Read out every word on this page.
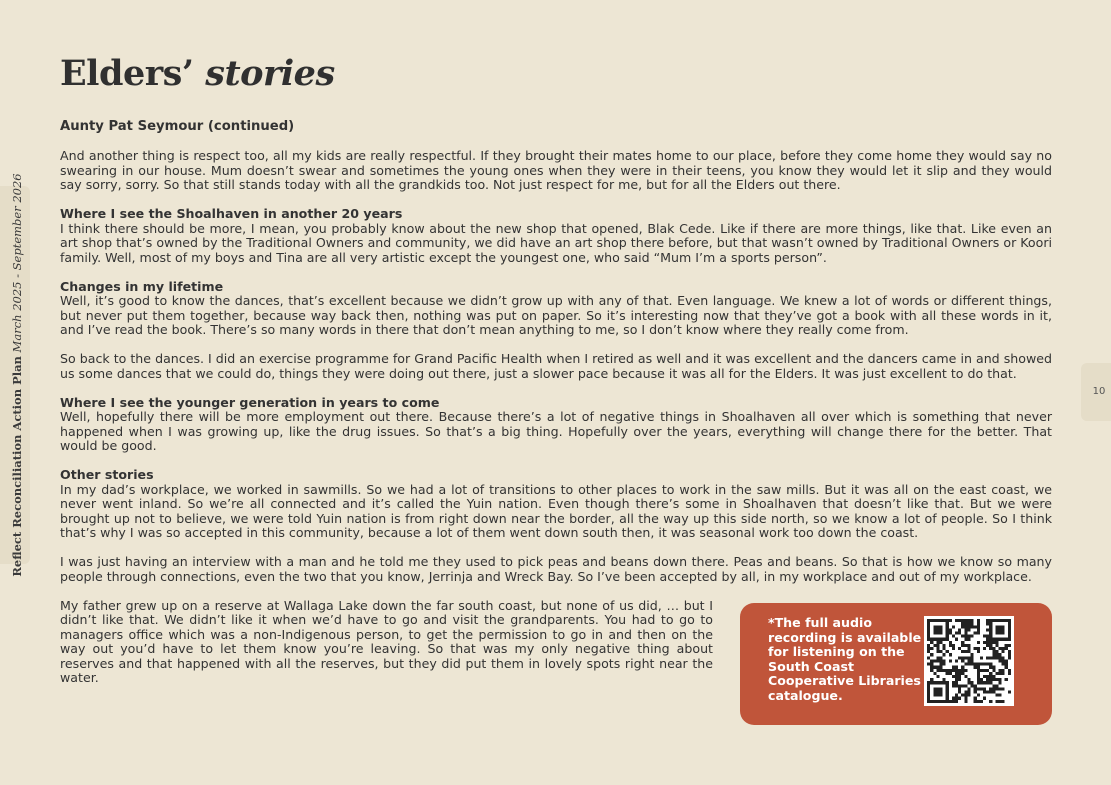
Reflect Reconciliation Action Plan March 2025 - September 2026
10
Elders’ stories

Aunty Pat Seymour (continued)

And another thing is respect too, all my kids are really respectful. If they brought their mates home to our place, before they come home they would say no swearing in our house. Mum doesn’t swear and sometimes the young ones when they were in their teens, you know they would let it slip and they would say sorry, sorry. So that still stands today with all the grandkids too. Not just respect for me, but for all the Elders out there.

Where I see the Shoalhaven in another 20 years

I think there should be more, I mean, you probably know about the new shop that opened, Blak Cede. Like if there are more things, like that. Like even an art shop that’s owned by the Traditional Owners and community, we did have an art shop there before, but that wasn’t owned by Traditional Owners or Koori family. Well, most of my boys and Tina are all very artistic except the youngest one, who said “Mum I’m a sports person”.

Changes in my lifetime

Well, it’s good to know the dances, that’s excellent because we didn’t grow up with any of that. Even language. We knew a lot of words or different things, but never put them together, because way back then, nothing was put on paper. So it’s interesting now that they’ve got a book with all these words in it, and I’ve read the book. There’s so many words in there that don’t mean anything to me, so I don’t know where they really come from.

So back to the dances. I did an exercise programme for Grand Pacific Health when I retired as well and it was excellent and the dancers came in and showed us some dances that we could do, things they were doing out there, just a slower pace because it was all for the Elders. It was just excellent to do that.

Where I see the younger generation in years to come

Well, hopefully there will be more employment out there. Because there’s a lot of negative things in Shoalhaven all over which is something that never happened when I was growing up, like the drug issues. So that’s a big thing. Hopefully over the years, everything will change there for the better. That would be good.

Other stories

In my dad’s workplace, we worked in sawmills. So we had a lot of transitions to other places to work in the saw mills. But it was all on the east coast, we never went inland. So we’re all connected and it’s called the Yuin nation. Even though there’s some in Shoalhaven that doesn’t like that. But we were brought up not to believe, we were told Yuin nation is from right down near the border, all the way up this side north, so we know a lot of people. So I think that’s why I was so accepted in this community, because a lot of them went down south then, it was seasonal work too down the coast.

I was just having an interview with a man and he told me they used to pick peas and beans down there. Peas and beans. So that is how we know so many people through connections, even the two that you know, Jerrinja and Wreck Bay. So I’ve been accepted by all, in my workplace and out of my workplace.

My father grew up on a reserve at Wallaga Lake down the far south coast, but none of us did, … but I didn’t like that. We didn’t like it when we’d have to go and visit the grandparents. You had to go to managers office which was a non-Indigenous person, to get the permission to go in and then on the way out you’d have to let them know you’re leaving. So that was my only negative thing about reserves and that happened with all the reserves, but they did put them in lovely spots right near the water.

*The full audio recording is available for listening on the South Coast Cooperative Libraries catalogue.
